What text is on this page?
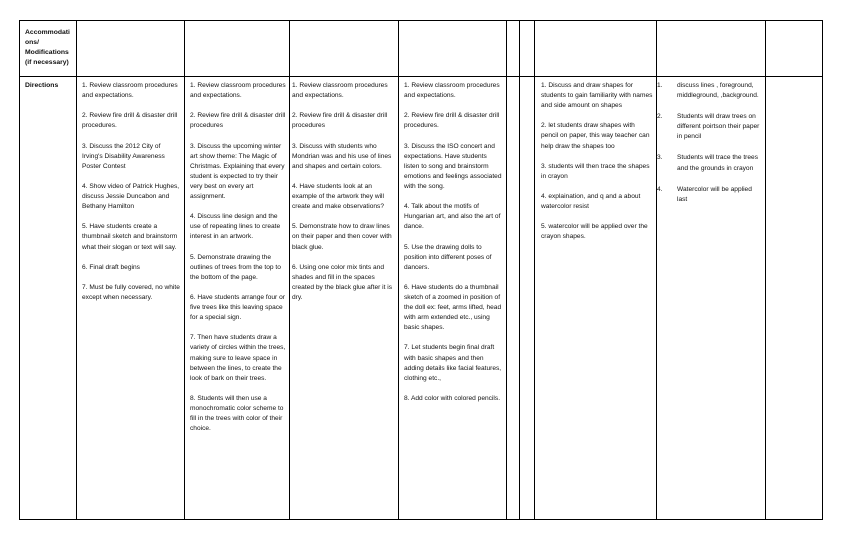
Accommodati ons/ Modifications (if necessary)
Directions	1. Review classroom procedures and expectations.

2. Review fire drill & disaster drill procedures.

3. Discuss the 2012 City of Irving's Disability Awareness Poster Contest

4. Show video of Patrick Hughes, discuss Jessie Duncabon and Bethany Hamilton

5. Have students create a thumbnail sketch and brainstorm what their slogan or text will say.

6. Final draft begins

7. Must be fully covered, no white except when necessary.

1. Review classroom procedures and expectations.

2. Review fire drill & disaster drill procedures

3. Discuss the upcoming winter art show theme: The Magic of Christmas. Explaining that every student is expected to try their very best on every art assignment.

4. Discuss line design and the use of repeating lines to create interest in an artwork.

5. Demonstrate drawing the outlines of trees from the top to the bottom of the page.

6. Have students arrange four or five trees like this leaving space for a special sign.

7. Then have students draw a variety of circles within the trees, making sure to leave space in between the lines, to create the look of bark on their trees.

8. Students will then use a monochromatic color scheme to fill in the trees with color of their choice.

1. Review classroom procedures and expectations.

2. Review fire drill & disaster drill procedures

3. Discuss with students who Mondrian was and his use of lines and shapes and certain colors.

4. Have students look at an example of the artwork they will create and make observations?

5. Demonstrate how to draw lines on their paper and then cover with black glue.

6. Using one color mix tints and shades and fill in the spaces created by the black glue after it is dry.

1. Review classroom procedures and expectations.

2. Review fire drill & disaster drill procedures.

3. Discuss the ISO concert and expectations. Have students listen to song and brainstorm emotions and feelings associated with the song.

4. Talk about the motifs of Hungarian art, and also the art of dance.

5. Use the drawing dolls to position into different poses of dancers.

6. Have students do a thumbnail sketch of a zoomed in position of the doll ex: feet, arms lifted, head with arm extended etc., using basic shapes.

7. Let students begin final draft with basic shapes and then adding details like facial features, clothing etc.,

8. Add color with colored pencils.

1. Discuss and draw shapes for students to gain familiarity with names and side amount on shapes

2. let students draw shapes with pencil on paper, this way teacher can help draw the shapes too

3. students will then trace the shapes in crayon

4. explaination, and q and a about watercolor resist

5. watercolor will be applied over the crayon shapes.

1. discuss lines , foreground, middleground, ,background.
2. Students will draw trees on different poirtson their paper in pencil
3. Students will trace the trees and the grounds in crayon
4. Watercolor will be applied last
